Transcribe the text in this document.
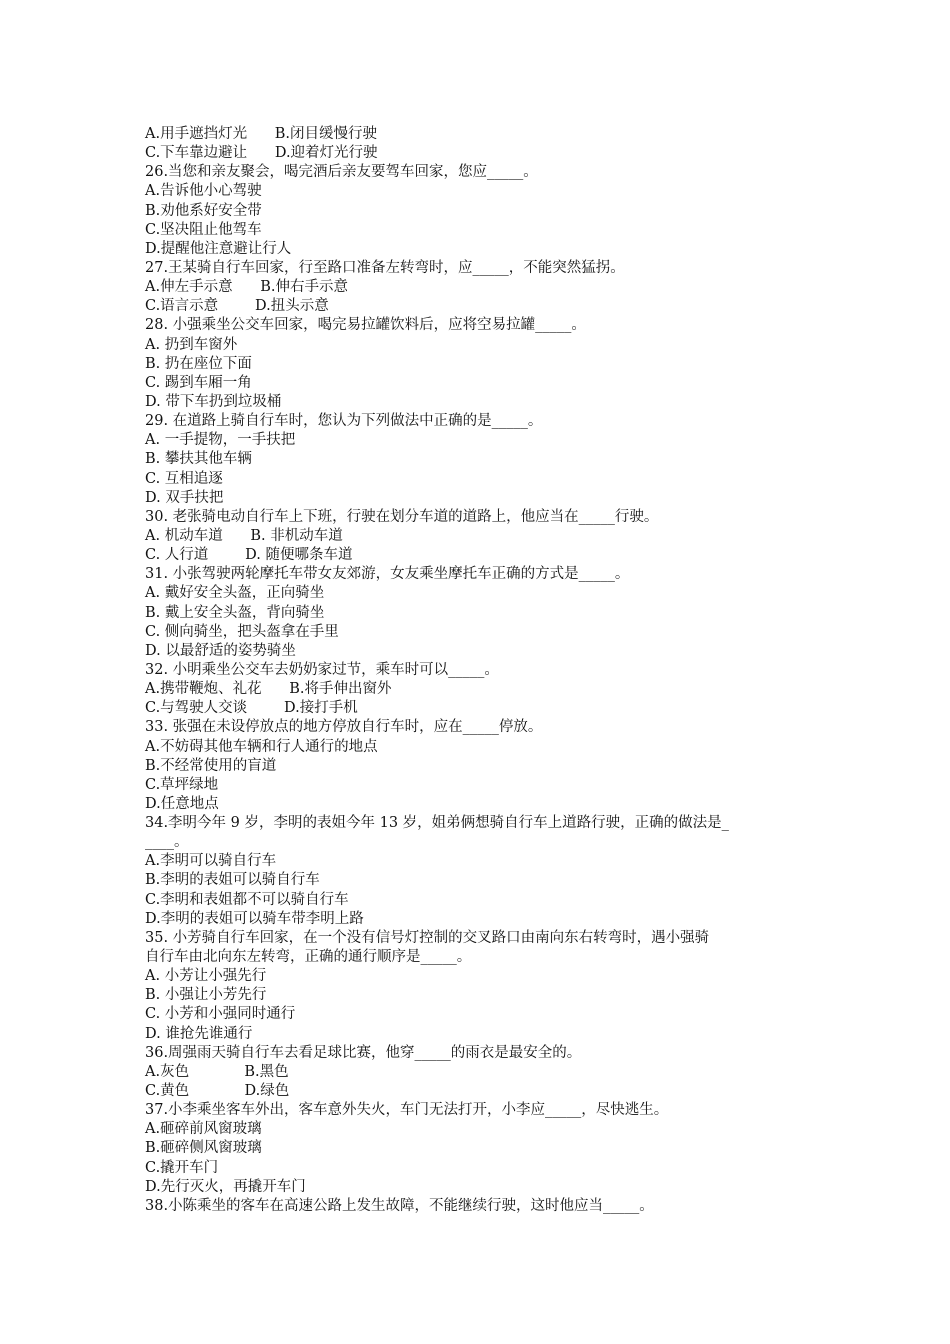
A.用手遮挡灯光      B.闭目缓慢行驶
C.下车靠边避让      D.迎着灯光行驶
26.当您和亲友聚会，喝完酒后亲友要驾车回家，您应_____。
A.告诉他小心驾驶
B.劝他系好安全带
C.坚决阻止他驾车
D.提醒他注意避让行人
27.王某骑自行车回家，行至路口准备左转弯时，应_____，不能突然猛拐。
A.伸左手示意      B.伸右手示意
C.语言示意        D.扭头示意
28. 小强乘坐公交车回家，喝完易拉罐饮料后，应将空易拉罐_____。
A. 扔到车窗外
B. 扔在座位下面
C. 踢到车厢一角
D. 带下车扔到垃圾桶
29. 在道路上骑自行车时，您认为下列做法中正确的是_____。
A. 一手提物，一手扶把
B. 攀扶其他车辆
C. 互相追逐
D. 双手扶把
30. 老张骑电动自行车上下班，行驶在划分车道的道路上，他应当在_____行驶。
A. 机动车道      B. 非机动车道
C. 人行道        D. 随便哪条车道
31. 小张驾驶两轮摩托车带女友郊游，女友乘坐摩托车正确的方式是_____。
A. 戴好安全头盔，正向骑坐
B. 戴上安全头盔，背向骑坐
C. 侧向骑坐，把头盔拿在手里
D. 以最舒适的姿势骑坐
32. 小明乘坐公交车去奶奶家过节，乘车时可以_____。
A.携带鞭炮、礼花      B.将手伸出窗外
C.与驾驶人交谈        D.接打手机
33. 张强在未设停放点的地方停放自行车时，应在_____停放。
A.不妨碍其他车辆和行人通行的地点
B.不经常使用的盲道
C.草坪绿地
D.任意地点
34.李明今年 9 岁，李明的表姐今年 13 岁，姐弟俩想骑自行车上道路行驶，正确的做法是_
____。
A.李明可以骑自行车
B.李明的表姐可以骑自行车
C.李明和表姐都不可以骑自行车
D.李明的表姐可以骑车带李明上路
35. 小芳骑自行车回家，在一个没有信号灯控制的交叉路口由南向东右转弯时，遇小强骑
自行车由北向东左转弯，正确的通行顺序是_____。
A. 小芳让小强先行
B. 小强让小芳先行
C. 小芳和小强同时通行
D. 谁抢先谁通行
36.周强雨天骑自行车去看足球比赛，他穿_____的雨衣是最安全的。
A.灰色            B.黑色
C.黄色            D.绿色
37.小李乘坐客车外出，客车意外失火，车门无法打开，小李应_____，尽快逃生。
A.砸碎前风窗玻璃
B.砸碎侧风窗玻璃
C.撬开车门
D.先行灭火，再撬开车门
38.小陈乘坐的客车在高速公路上发生故障，不能继续行驶，这时他应当_____。
